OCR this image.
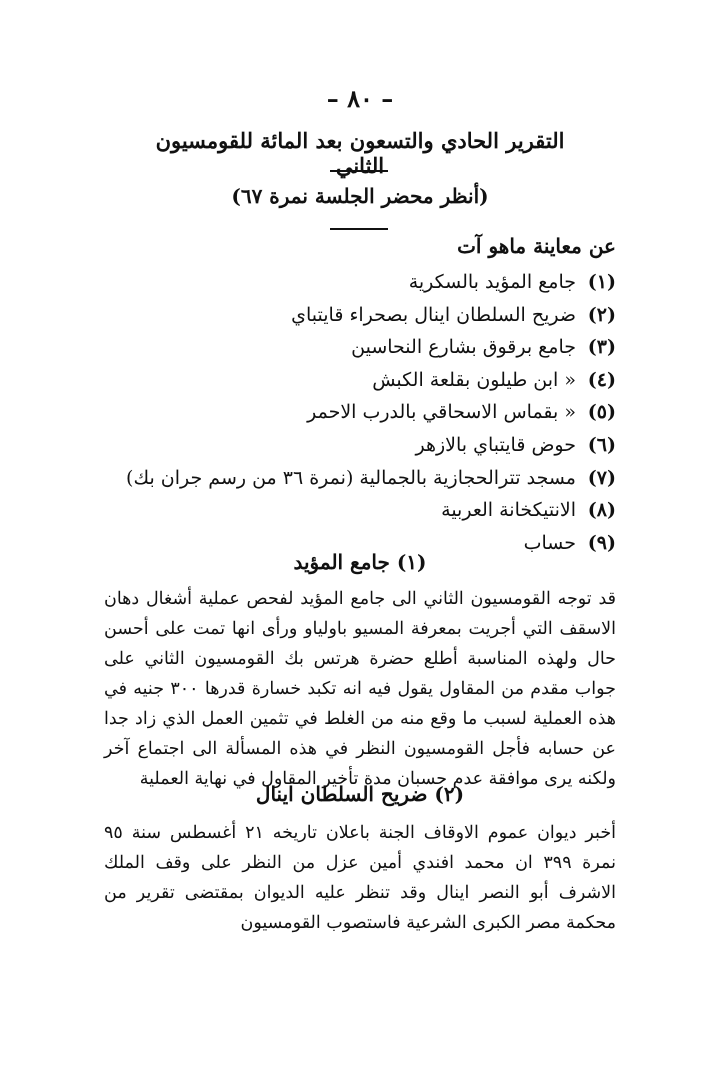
– ٨٠ –
التقرير الحادي والتسعون بعد المائة للقومسيون الثاني
(أنظر محضر الجلسة نمرة ٦٧)
عن معاينة ماهو آت
(١)جامع المؤيد بالسكرية
(٢)ضريح السلطان اينال بصحراء قايتباي
(٣)جامع برقوق بشارع النحاسين
(٤)« ابن طيلون بقلعة الكبش
(٥)« بقماس الاسحاقي بالدرب الاحمر
(٦)حوض قايتباي بالازهر
(٧)مسجد تترالحجازية بالجمالية (نمرة ٣٦ من رسم جران بك)
(٨)الانتيكخانة العربية
(٩)حساب
(١) جامع المؤيد

قد توجه القومسيون الثاني الى جامع المؤيد لفحص عملية أشغال دهان الاسقف التي أجريت بمعرفة المسيو باولياو ورأى انها تمت على أحسن حال ولهذه المناسبة أطلع حضرة هرتس بك القومسيون الثاني على جواب مقدم من المقاول يقول فيه انه تكبد خسارة قدرها ٣٠٠ جنيه في هذه العملية لسبب ما وقع منه من الغلط في تثمين العمل الذي زاد جدا عن حسابه فأجل القومسيون النظر في هذه المسألة الى اجتماع آخر ولكنه يرى موافقة عدم حسبان مدة تأخير المقاول في نهاية العملية

(٢) ضريح السلطان اينال

أخبر ديوان عموم الاوقاف الجنة باعلان تاريخه ٢١ أغسطس سنة ٩٥ نمرة ٣٩٩ ان محمد افندي أمين عزل من النظر على وقف الملك الاشرف أبو النصر اينال وقد تنظر عليه الديوان بمقتضى تقرير من محكمة مصر الكبرى الشرعية فاستصوب القومسيون
